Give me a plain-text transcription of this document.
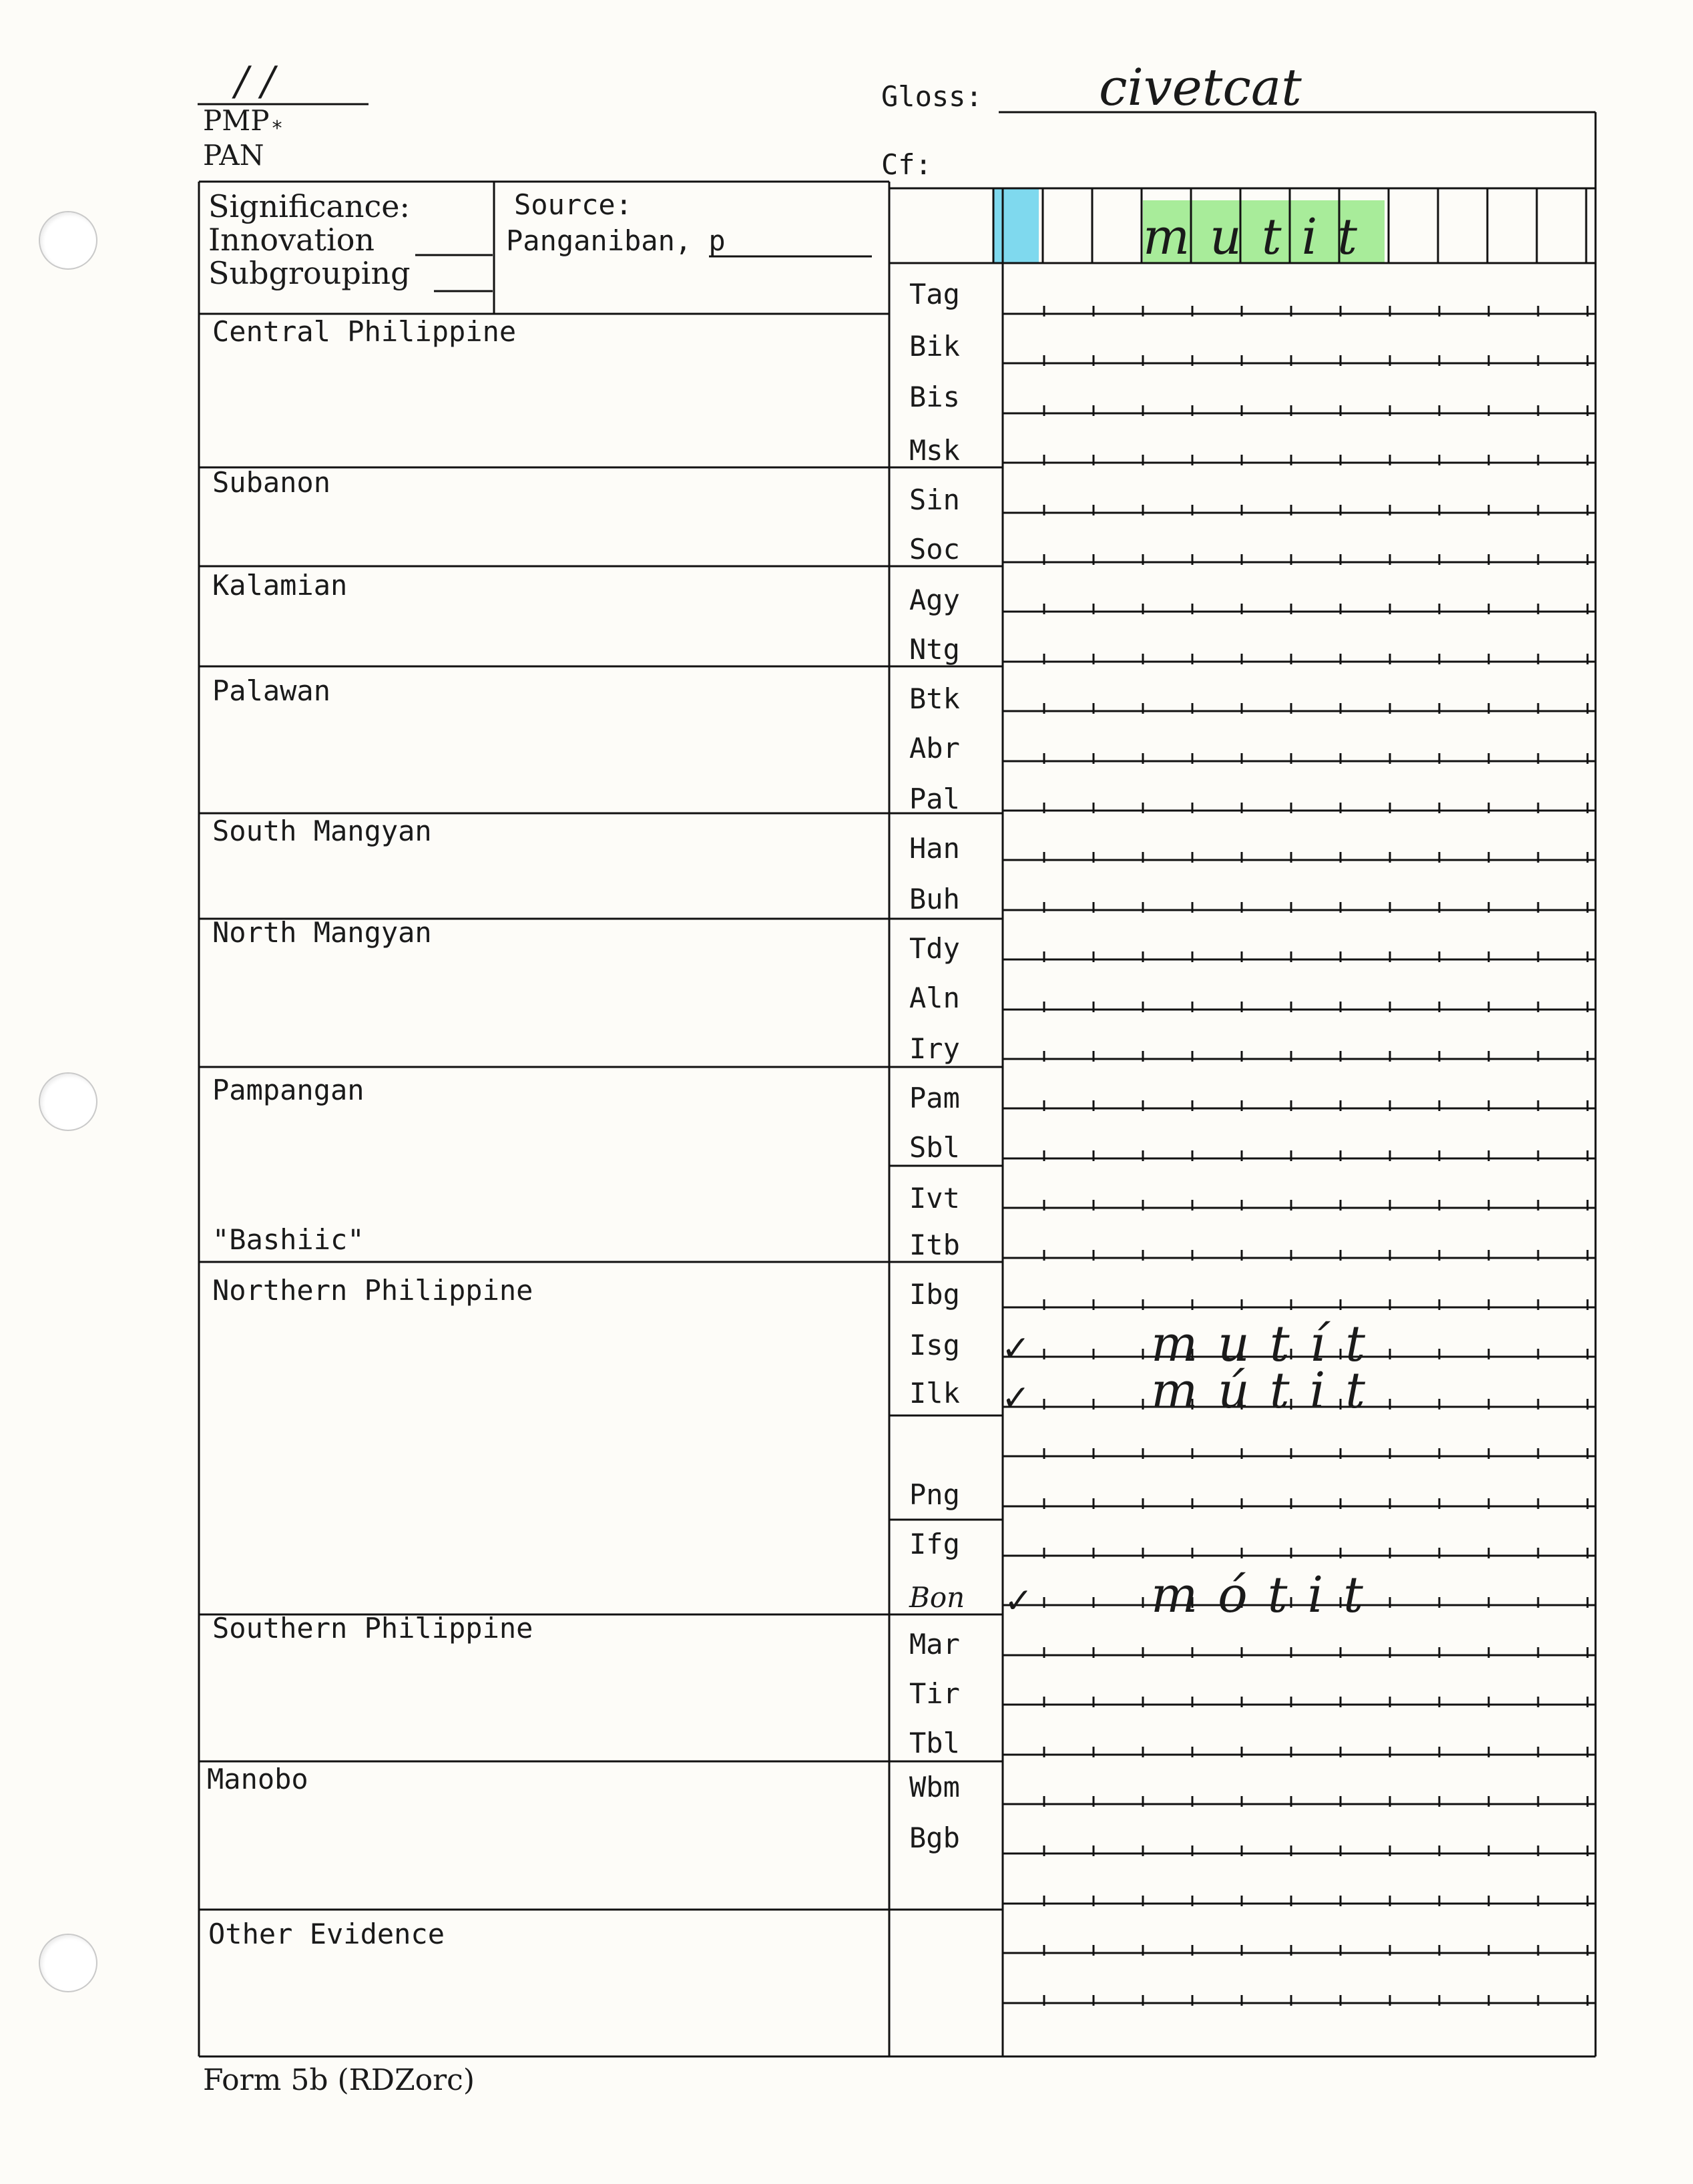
/ /
PMP *
PAN
Gloss: civetcat
Cf:
Significance:
Innovation
Subgrouping
Source:
Panganiban, p	mutit
Central Philippine
Subanon
Kalamian
Palawan
South Mangyan
North Mangyan
Pampangan
"Bashiic"
Northern Philippine
Southern Philippine
Manobo
Other Evidence
Tag
Bik
Bis
Msk
Sin
Soc
Agy
Ntg
Btk
Abr
Pal
Han
Buh
Tdy
Aln
Iry
Pam
Sbl
Ivt
Itb
Ibg
Isg
Ilk
Png
Ifg
Bon
Mar
Tir
Tbl
Wbm
Bgb
✓ mutít
✓ mútit
✓ mótit
Form 5b (RDZorc)
